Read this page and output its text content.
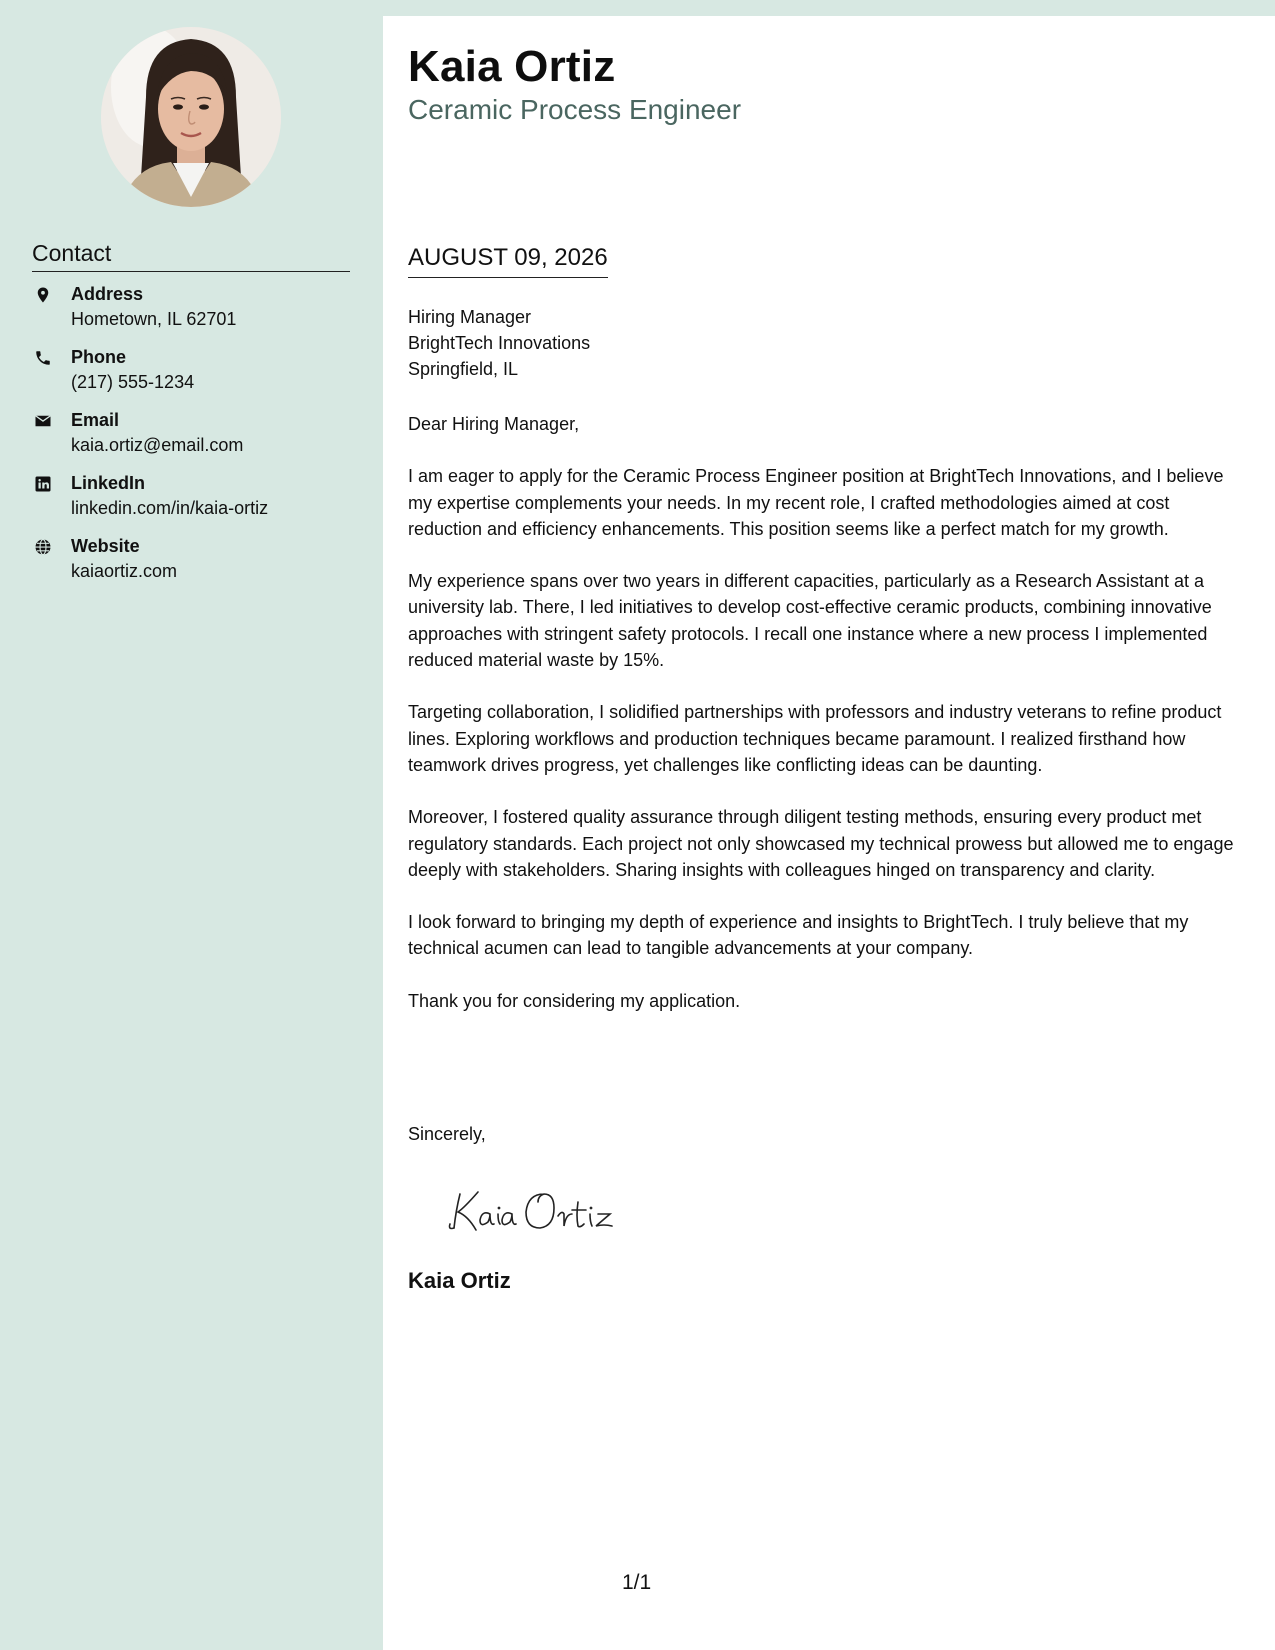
Contact
Address
Hometown, IL 62701
Phone
(217) 555-1234
Email
kaia.ortiz@email.com
LinkedIn
linkedin.com/in/kaia-ortiz
Website
kaiaortiz.com
Kaia Ortiz
Ceramic Process Engineer
AUGUST 09, 2026
Hiring Manager
BrightTech Innovations
Springfield, IL

Dear Hiring Manager,

I am eager to apply for the Ceramic Process Engineer position at BrightTech Innovations, and I believe my expertise complements your needs. In my recent role, I crafted methodologies aimed at cost reduction and efficiency enhancements. This position seems like a perfect match for my growth.

My experience spans over two years in different capacities, particularly as a Research Assistant at a university lab. There, I led initiatives to develop cost-effective ceramic products, combining innovative approaches with stringent safety protocols. I recall one instance where a new process I implemented reduced material waste by 15%.

Targeting collaboration, I solidified partnerships with professors and industry veterans to refine product lines. Exploring workflows and production techniques became paramount. I realized firsthand how teamwork drives progress, yet challenges like conflicting ideas can be daunting.

Moreover, I fostered quality assurance through diligent testing methods, ensuring every product met regulatory standards. Each project not only showcased my technical prowess but allowed me to engage deeply with stakeholders. Sharing insights with colleagues hinged on transparency and clarity.

I look forward to bringing my depth of experience and insights to BrightTech. I truly believe that my technical acumen can lead to tangible advancements at your company.

Thank you for considering my application.

Sincerely,
Kaia Ortiz
1/1
